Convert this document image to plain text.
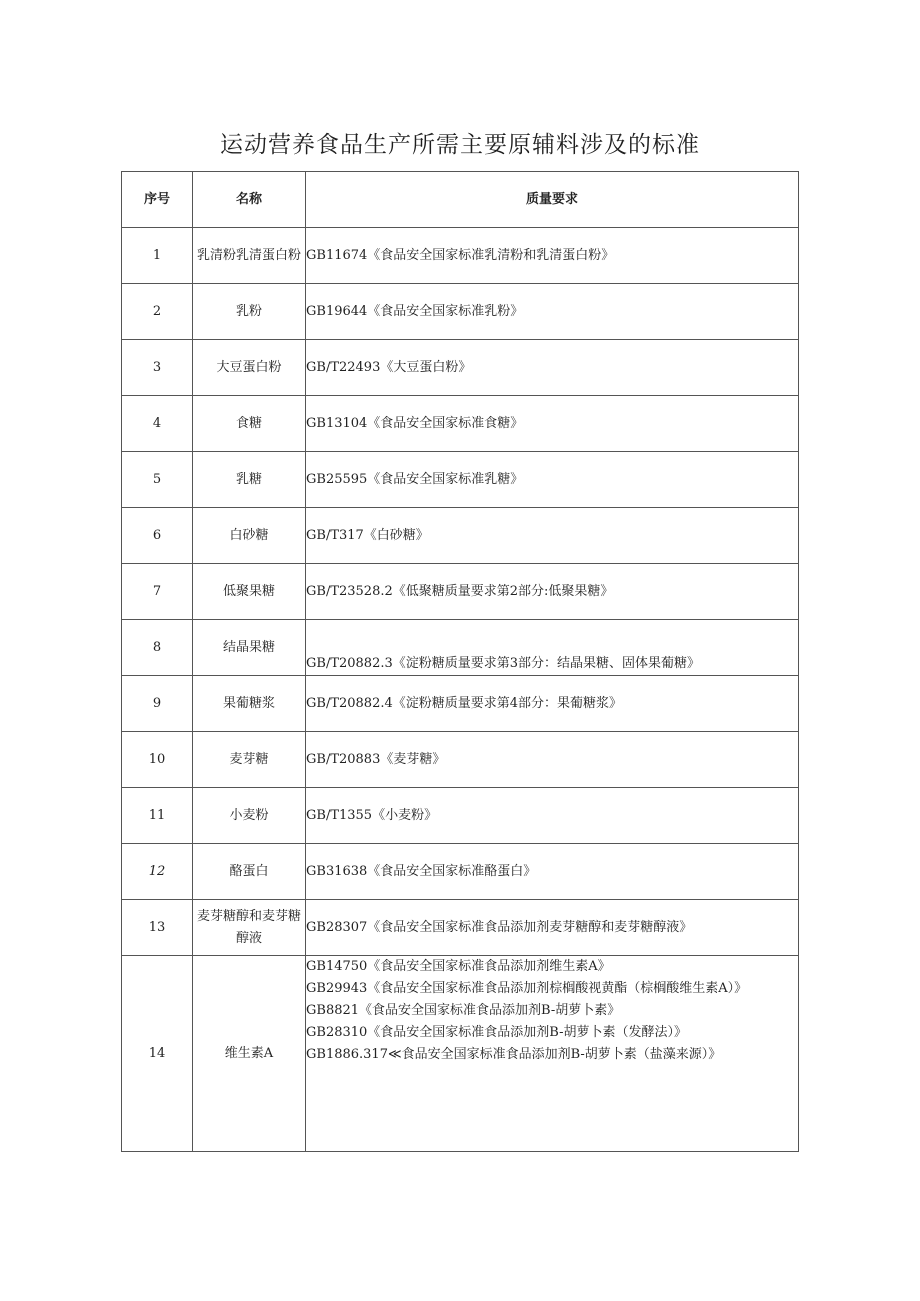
运动营养食品生产所需主要原辅料涉及的标准
序号	名称	质量要求
1	乳清粉乳清蛋白粉	GB11674《食品安全国家标准乳清粉和乳清蛋白粉》
2	乳粉	GB19644《食品安全国家标准乳粉》
3	大豆蛋白粉	GB/T22493《大豆蛋白粉》
4	食糖	GB13104《食品安全国家标准食糖》
5	乳糖	GB25595《食品安全国家标准乳糖》
6	白砂糖	GB/T317《白砂糖》
7	低聚果糖	GB/T23528.2《低聚糖质量要求第2部分:低聚果糖》
8	结晶果糖	GB/T20882.3《淀粉糖质量要求第3部分：结晶果糖、固体果葡糖》
9	果葡糖浆	GB/T20882.4《淀粉糖质量要求第4部分：果葡糖浆》
10	麦芽糖	GB/T20883《麦芽糖》
11	小麦粉	GB/T1355《小麦粉》
12	酪蛋白	GB31638《食品安全国家标准酪蛋白》
13	麦芽糖醇和麦芽糖醇液	GB28307《食品安全国家标准食品添加剂麦芽糖醇和麦芽糖醇液》
14	维生素A	GB14750《食品安全国家标准食品添加剂维生素A》
GB29943《食品安全国家标准食品添加剂棕榈酸视黄酯（棕榈酸维生素A）》
GB8821《食品安全国家标准食品添加剂B-胡萝卜素》
GB28310《食品安全国家标准食品添加剂B-胡萝卜素（发酵法）》
GB1886.317≪食品安全国家标准食品添加剂B-胡萝卜素（盐藻来源）》
